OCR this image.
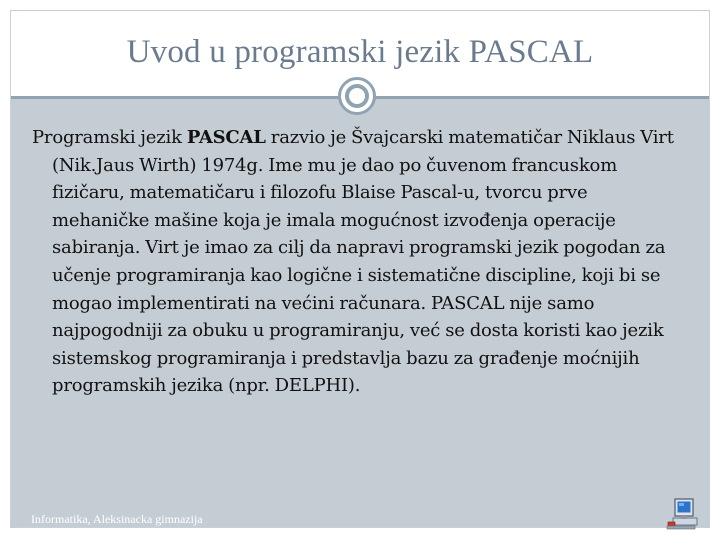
Uvod u programski jezik PASCAL

Programski jezik PASCAL razvio je Švajcarski matematičar Niklaus Virt (Nik.Jaus Wirth) 1974g. Ime mu je dao po čuvenom francuskom fizičaru, matematičaru i filozofu Blaise Pascal-u, tvorcu prve mehaničke mašine koja je imala mogućnost izvođenja operacije sabiranja. Virt je imao za cilj da napravi programski jezik pogodan za učenje programiranja kao logične i sistematične discipline, koji bi se mogao implementirati na većini računara. PASCAL nije samo najpogodniji za obuku u programiranju, već se dosta koristi kao jezik sistemskog programiranja i predstavlja bazu za građenje moćnijih programskih jezika (npr. DELPHI).

Informatika, Aleksinacka gimnazija
